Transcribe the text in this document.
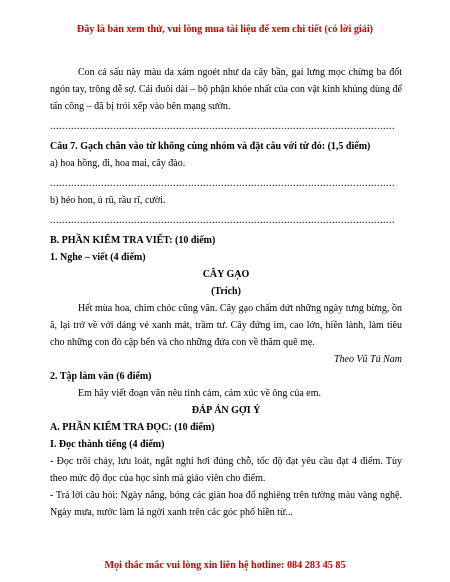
Đây là bản xem thử, vui lòng mua tài liệu để xem chi tiết (có lời giải)

Con cá sấu này màu da xám ngoét như da cây bần, gai lưng mọc chừng ba đốt ngón tay, trông dễ sợ. Cái đuôi dài – bộ phận khỏe nhất của con vật kinh khủng dùng để tấn công – đã bị trói xếp vào bên mạng sườn.

...................................................................................................................

Câu 7. Gạch chân vào từ không cùng nhóm và đặt câu với từ đó: (1,5 điểm)

a) hoa hồng, đi, hoa mai, cây đào.

...................................................................................................................

b) héo hon, ủ rũ, rầu rĩ, cười.

...................................................................................................................

B. PHẦN KIỂM TRA VIẾT: (10 điểm)

1. Nghe – viết (4 điểm)

CÂY GẠO

(Trích)

Hết mùa hoa, chim chóc cũng vãn. Cây gạo chấm dứt những ngày tưng bừng, ồn ã, lại trở về với dáng vẻ xanh mát, trầm tư. Cây đứng im, cao lớn, hiền lành, làm tiêu cho những con đò cập bến và cho những đứa con về thăm quê mẹ.

Theo Vũ Tú Nam

2. Tập làm văn (6 điểm)

Em hãy viết đoạn văn nêu tình cảm, cảm xúc về ông của em.

ĐÁP ÁN GỢI Ý

A. PHẦN KIỂM TRA ĐỌC: (10 điểm)

I. Đọc thành tiếng (4 điểm)

- Đọc trôi chảy, lưu loát, ngắt nghỉ hơi đúng chỗ, tốc độ đạt yêu cầu đạt 4 điểm. Tùy theo mức độ đọc của học sinh mà giáo viên cho điểm.

- Trả lời câu hỏi: Ngày nắng, bóng các giàn hoa đổ nghiêng trên tường màu vàng nghệ. Ngày mưa, nước làm lá ngời xanh trên các góc phố hiền từ...

Mọi thắc mắc vui lòng xin liên hệ hotline: 084 283 45 85
